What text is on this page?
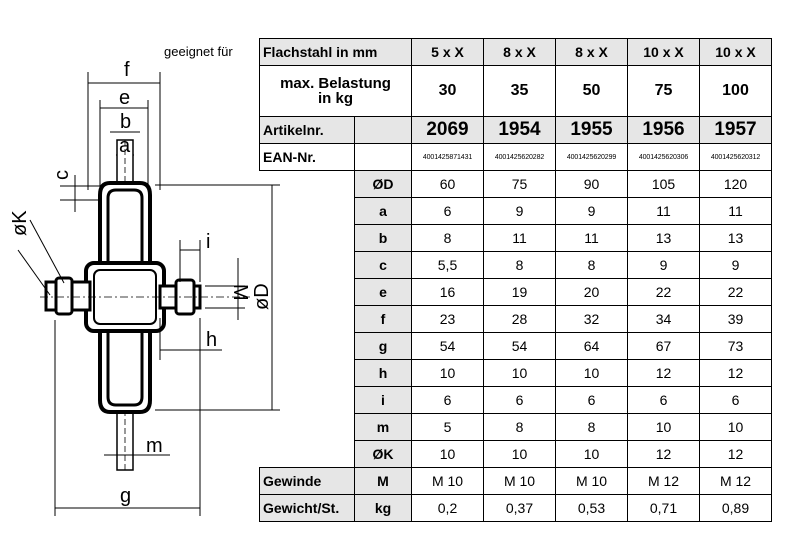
f
e
b
a
c
øK
i
M øD
h
m
g
geeignet für Flachstahl in mm		5 x X	8 x X	8 x X	10 x X	10 x X

max. Belastung
in kg		30	35	50	75	100
Artikelnr.		2069	1954	1955	1956	1957
EAN-Nr.		4001425871431	4001425620282	4001425620299	4001425620306	4001425620312
	ØD	60	75	90	105	120
	a	6	9	9	11	11
	b	8	11	11	13	13
	c	5,5	8	8	9	9
	e	16	19	20	22	22
	f	23	28	32	34	39
	g	54	54	64	67	73
	h	10	10	10	12	12
	i	6	6	6	6	6
	m	5	8	8	10	10
	ØK	10	10	10	12	12
Gewinde	M	M 10	M 10	M 10	M 12	M 12
Gewicht/St.	kg	0,2	0,37	0,53	0,71	0,89
